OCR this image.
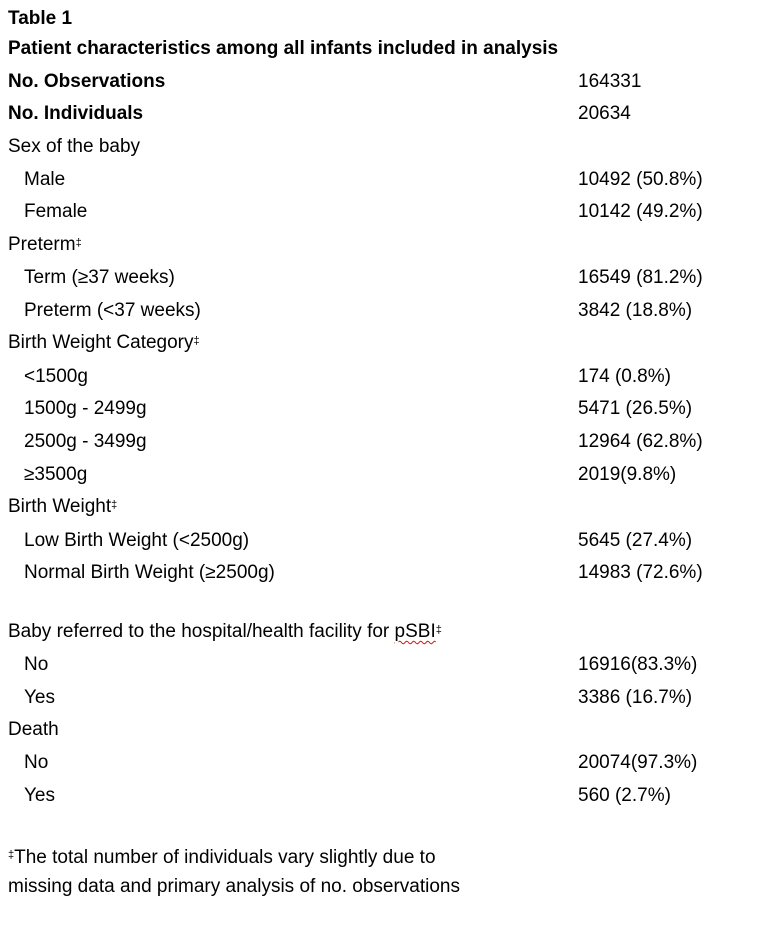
Table 1
Patient characteristics among all infants included in analysis
No. Observations	164331
No. Individuals	20634
Sex of the baby
Male	10492 (50.8%)
Female	10142 (49.2%)
Preterm‡
Term (≥37 weeks)	16549 (81.2%)
Preterm (<37 weeks)	3842 (18.8%)
Birth Weight Category‡
<1500g	174 (0.8%)
1500g - 2499g	5471 (26.5%)
2500g - 3499g	12964 (62.8%)
≥3500g	2019(9.8%)
Birth Weight‡
Low Birth Weight (<2500g)	5645 (27.4%)
Normal Birth Weight (≥2500g)	14983 (72.6%)
Baby referred to the hospital/health facility for pSBI‡
No	16916(83.3%)
Yes	3386 (16.7%)
Death
No	20074(97.3%)
Yes	560 (2.7%)
‡The total number of individuals vary slightly due to
missing data and primary analysis of no. observations
